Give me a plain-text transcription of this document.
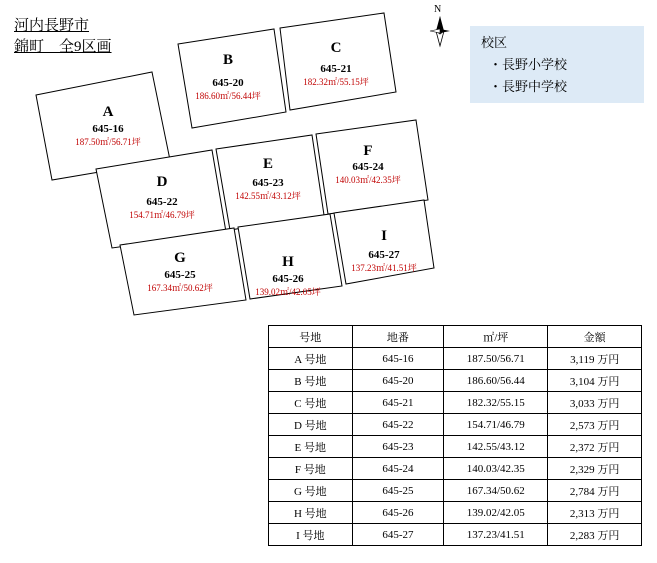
河内長野市
錦町　全9区画
N
校区
・長野小学校
・長野中学校
A
645-16
187.50㎡/56.71坪
B
645-20
186.60㎡/56.44坪
C
645-21
182.32㎡/55.15坪
D
645-22
154.71㎡/46.79坪
E
645-23
142.55㎡/43.12坪
F
645-24
140.03㎡/42.35坪
G
645-25
167.34㎡/50.62坪
H
645-26
139.02㎡/42.05坪
I
645-27
137.23㎡/41.51坪
号地	地番	㎡/坪	金額
A 号地	645-16	187.50/56.71	3,119 万円
B 号地	645-20	186.60/56.44	3,104 万円
C 号地	645-21	182.32/55.15	3,033 万円
D 号地	645-22	154.71/46.79	2,573 万円
E 号地	645-23	142.55/43.12	2,372 万円
F 号地	645-24	140.03/42.35	2,329 万円
G 号地	645-25	167.34/50.62	2,784 万円
H 号地	645-26	139.02/42.05	2,313 万円
I 号地	645-27	137.23/41.51	2,283 万円
